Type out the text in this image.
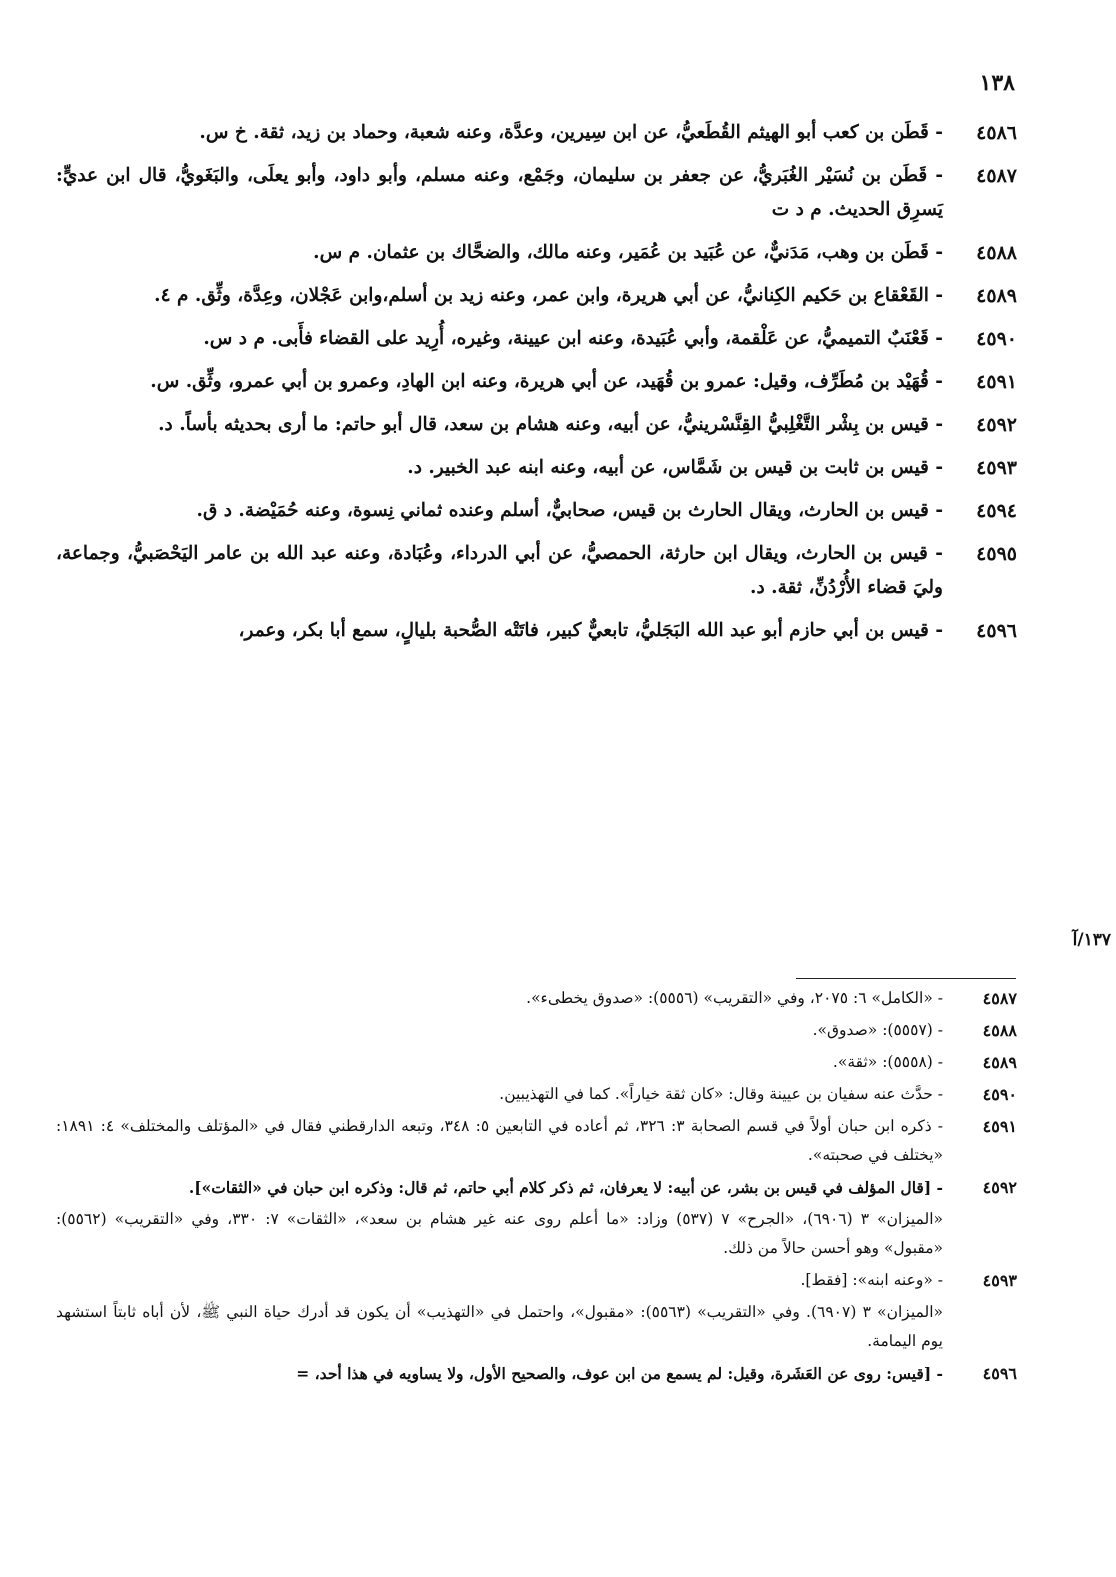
١٣٨
١٣٧/آ
٤٥٨٦
- قَطَن بن كعب أبو الهيثم القُطَعيُّ، عن ابن سِيرين، وعدَّة، وعنه شعبة، وحماد بن زيد، ثقة. خ س.
٤٥٨٧
- قَطَن بن نُسَيْر الغُبَريُّ، عن جعفر بن سليمان، وجَمْع، وعنه مسلم، وأبو داود، وأبو يعلَى، والبَغَويُّ، قال ابن عديٍّ: يَسرِق الحديث. م د ت
٤٥٨٨
- قَطَن بن وهب، مَدَنيٌّ، عن عُبَيد بن عُمَير، وعنه مالك، والضحَّاك بن عثمان. م س.
٤٥٨٩
- القَعْقاع بن حَكيم الكِنانيُّ، عن أبي هريرة، وابن عمر، وعنه زيد بن أسلم،وابن عَجْلان، وعِدَّة، وثِّق. م ٤.
٤٥٩٠
- قَعْنَبٌ التميميُّ، عن عَلْقمة، وأبي عُبَيدة، وعنه ابن عيينة، وغيره، أُرِيد على القضاء فأَبى. م د س.
٤٥٩١
- قُهَيْد بن مُطَرِّف، وقيل: عمرو بن قُهَيد، عن أبي هريرة، وعنه ابن الهادِ، وعمرو بن أبي عمرو، وثِّق. س.
٤٥٩٢
- قيس بن بِشْر التَّغْلِبيُّ القِنَّسْرينيُّ، عن أبيه، وعنه هشام بن سعد، قال أبو حاتم: ما أرى بحديثه بأساً. د.
٤٥٩٣
- قيس بن ثابت بن قيس بن شَمَّاس، عن أبيه، وعنه ابنه عبد الخبير. د.
٤٥٩٤
- قيس بن الحارث، ويقال الحارث بن قيس، صحابيٌّ، أسلم وعنده ثماني نِسوة، وعنه حُمَيْضة. د ق.
٤٥٩٥
- قيس بن الحارث، ويقال ابن حارثة، الحمصيُّ، عن أبي الدرداء، وعُبَادة، وعنه عبد الله بن عامر اليَحْصَبيُّ، وجماعة، وليَ قضاء الأُرْدُنِّ، ثقة. د.
٤٥٩٦
- قيس بن أبي حازم أبو عبد الله البَجَليُّ، تابعيٌّ كبير، فاتَتْه الصُّحبة بليالٍ، سمع أبا بكر، وعمر،
٤٥٨٧
- «الكامل» ٦: ٢٠٧٥، وفي «التقريب» (٥٥٥٦): «صدوق يخطىء».
٤٥٨٨
- (٥٥٥٧): «صدوق».
٤٥٨٩
- (٥٥٥٨): «ثقة».
٤٥٩٠
- حدَّث عنه سفيان بن عيينة وقال: «كان ثقة خياراً». كما في التهذيبين.
٤٥٩١
- ذكره ابن حبان أولاً في قسم الصحابة ٣: ٣٢٦، ثم أعاده في التابعين ٥: ٣٤٨، وتبعه الدارقطني فقال في «المؤتلف والمختلف» ٤: ١٨٩١: «يختلف في صحبته».
٤٥٩٢
- [قال المؤلف في قيس بن بشر، عن أبيه: لا يعرفان، ثم ذكر كلام أبي حاتم، ثم قال: وذكره ابن حبان في «الثقات»].
«الميزان» ٣ (٦٩٠٦)، «الجرح» ٧ (٥٣٧) وزاد: «ما أعلم روى عنه غير هشام بن سعد»، «الثقات» ٧: ٣٣٠، وفي «التقريب» (٥٥٦٢): «مقبول» وهو أحسن حالاً من ذلك.
٤٥٩٣
- «وعنه ابنه»: [فقط].
«الميزان» ٣ (٦٩٠٧). وفي «التقريب» (٥٥٦٣): «مقبول»، واحتمل في «التهذيب» أن يكون قد أدرك حياة النبي ﷺ، لأن أباه ثابتاً استشهد يوم اليمامة.
٤٥٩٦
- [قيس: روى عن العَشَرة، وقيل: لم يسمع من ابن عوف، والصحيح الأول، ولا يساويه في هذا أحد، =
